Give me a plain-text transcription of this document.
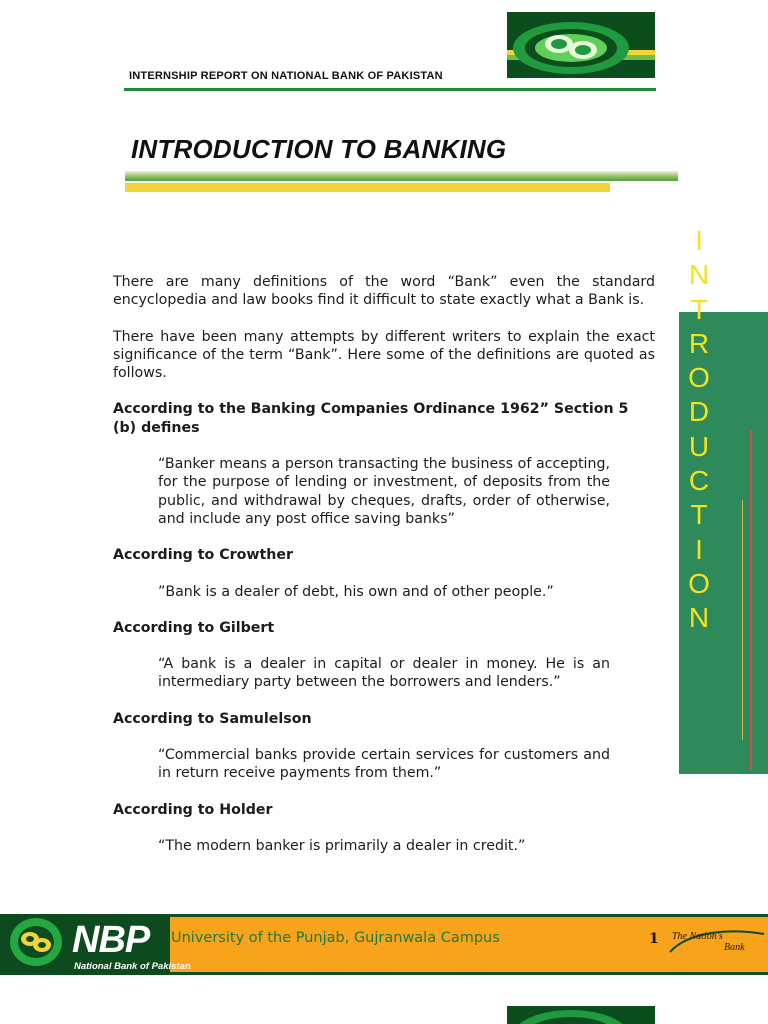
INTERNSHIP REPORT ON NATIONAL BANK OF PAKISTAN
INTRODUCTION TO BANKING
I
N
T
R
O
D
U
C
T
I
O
N

There are many definitions of the word “Bank” even the standard encyclopedia and law books find it difficult to state exactly what a Bank is.

There have been many attempts by different writers to explain the exact significance of the term “Bank”. Here some of the definitions are quoted as follows.

According to the Banking Companies Ordinance 1962” Section 5 (b) defines

“Banker means a person transacting the business of accepting, for the purpose of lending or investment, of deposits from the public, and withdrawal by cheques, drafts, order of otherwise, and include any post office saving banks”

According to Crowther

”Bank is a dealer of debt, his own and of other people.”

According to Gilbert

“A bank is a dealer in capital or dealer in money. He is an intermediary party between the borrowers and lenders.”

According to Samulelson

“Commercial banks provide certain services for customers and in return receive payments from them.”

According to Holder

“The modern banker is primarily a dealer in credit.”

NBP
National Bank of Pakistan
University of the Punjab, Gujranwala Campus	1 The Nation's
Bank
